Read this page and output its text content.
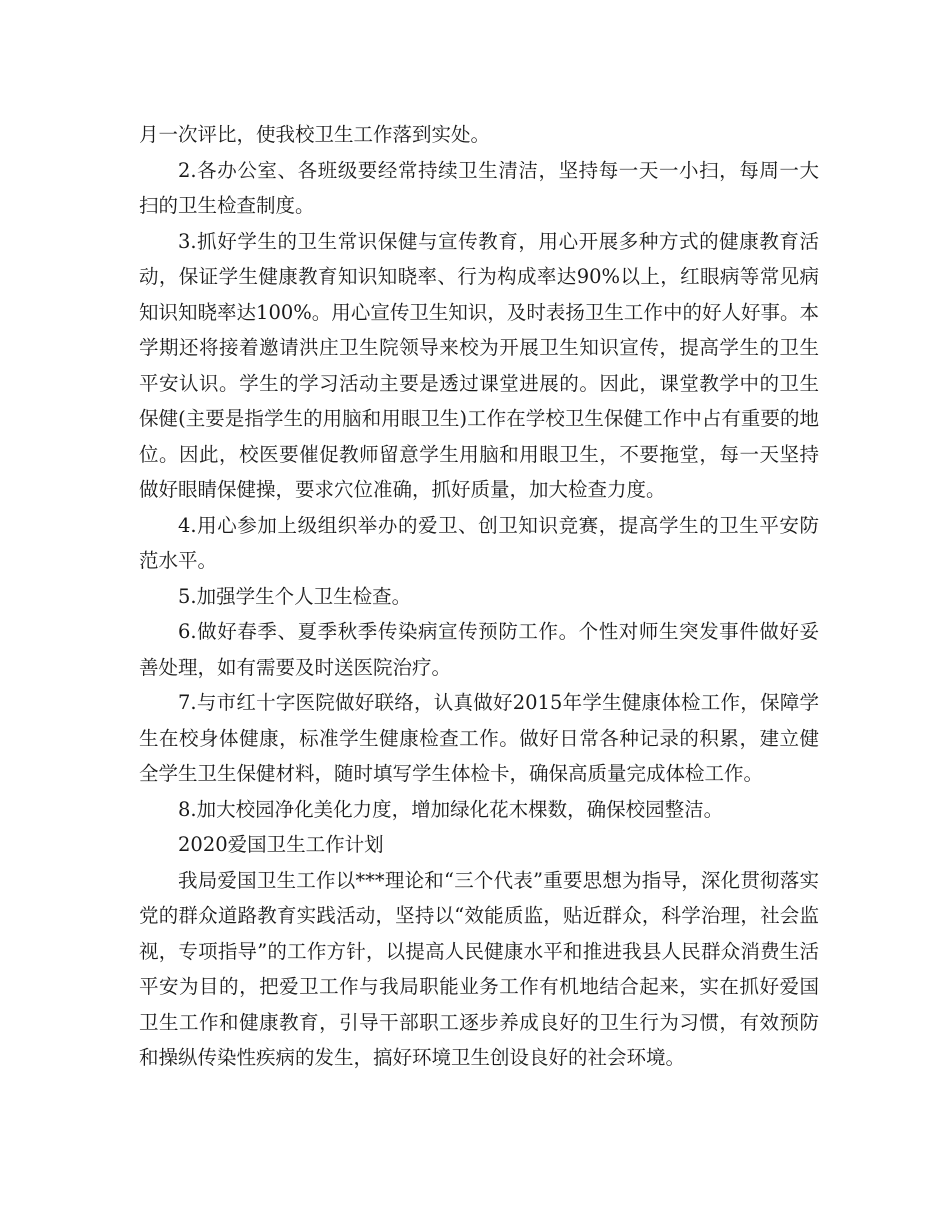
月一次评比，使我校卫生工作落到实处。

2.各办公室、各班级要经常持续卫生清洁，坚持每一天一小扫，每周一大扫的卫生检查制度。

3.抓好学生的卫生常识保健与宣传教育，用心开展多种方式的健康教育活动，保证学生健康教育知识知晓率、行为构成率达90%以上，红眼病等常见病知识知晓率达100%。用心宣传卫生知识，及时表扬卫生工作中的好人好事。本学期还将接着邀请洪庄卫生院领导来校为开展卫生知识宣传，提高学生的卫生平安认识。学生的学习活动主要是透过课堂进展的。因此，课堂教学中的卫生保健(主要是指学生的用脑和用眼卫生)工作在学校卫生保健工作中占有重要的地位。因此，校医要催促教师留意学生用脑和用眼卫生，不要拖堂，每一天坚持做好眼睛保健操，要求穴位准确，抓好质量，加大检查力度。

4.用心参加上级组织举办的爱卫、创卫知识竞赛，提高学生的卫生平安防范水平。

5.加强学生个人卫生检查。

6.做好春季、夏季秋季传染病宣传预防工作。个性对师生突发事件做好妥善处理，如有需要及时送医院治疗。

7.与市红十字医院做好联络，认真做好2015年学生健康体检工作，保障学生在校身体健康，标准学生健康检查工作。做好日常各种记录的积累，建立健全学生卫生保健材料，随时填写学生体检卡，确保高质量完成体检工作。

8.加大校园净化美化力度，增加绿化花木棵数，确保校园整洁。

2020爱国卫生工作计划

我局爱国卫生工作以***理论和“三个代表”重要思想为指导，深化贯彻落实党的群众道路教育实践活动，坚持以“效能质监，贴近群众，科学治理，社会监视，专项指导”的工作方针，以提高人民健康水平和推进我县人民群众消费生活平安为目的，把爱卫工作与我局职能业务工作有机地结合起来，实在抓好爱国卫生工作和健康教育，引导干部职工逐步养成良好的卫生行为习惯，有效预防和操纵传染性疾病的发生，搞好环境卫生创设良好的社会环境。
